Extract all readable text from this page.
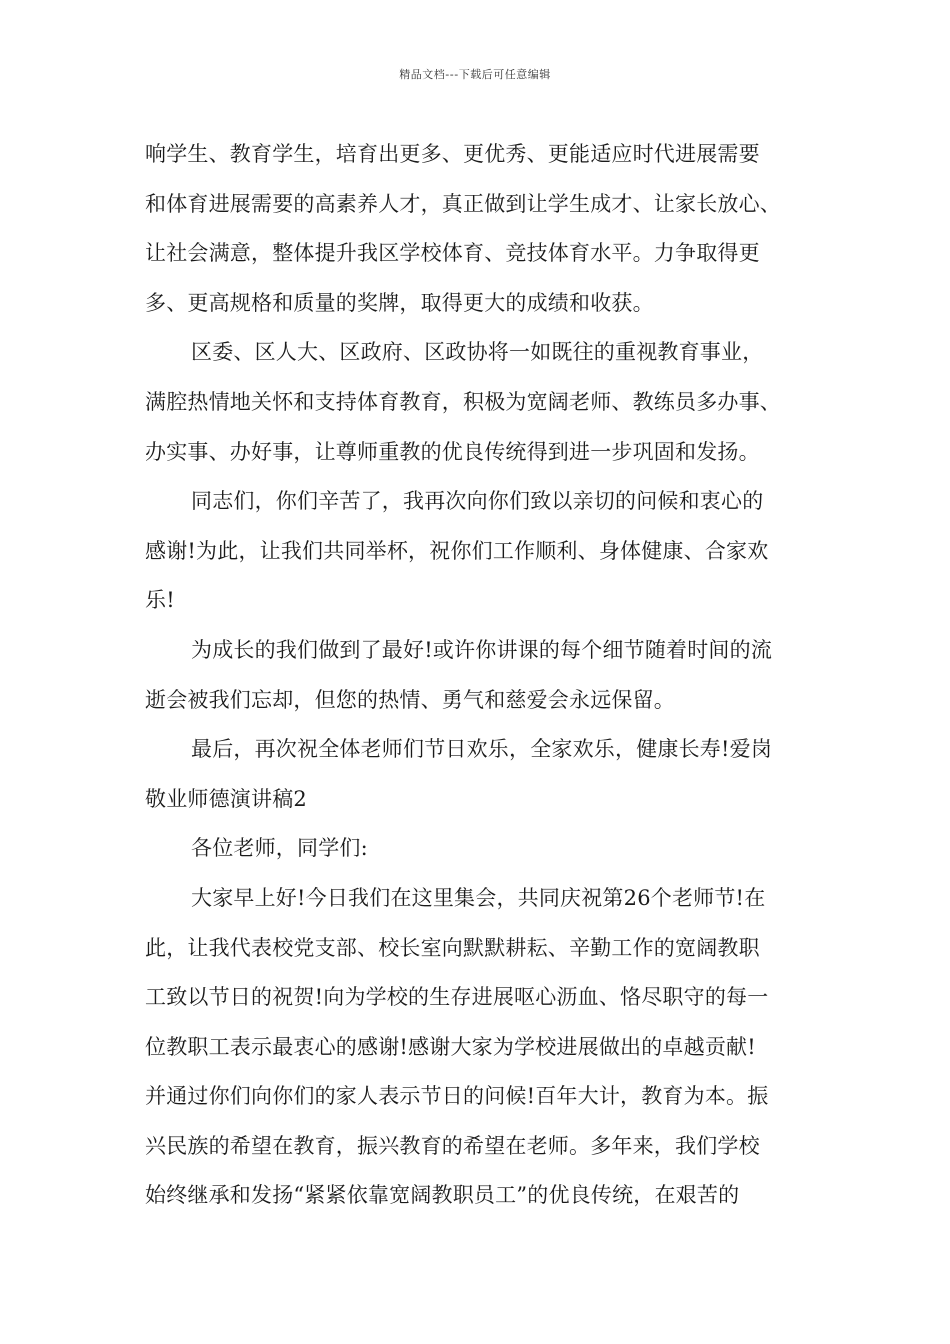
精品文档---下载后可任意编辑
响学生、教育学生，培育出更多、更优秀、更能适应时代进展需要
和体育进展需要的高素养人才，真正做到让学生成才、让家长放心、
让社会满意，整体提升我区学校体育、竞技体育水平。力争取得更
多、更高规格和质量的奖牌，取得更大的成绩和收获。
区委、区人大、区政府、区政协将一如既往的重视教育事业，
满腔热情地关怀和支持体育教育，积极为宽阔老师、教练员多办事、
办实事、办好事，让尊师重教的优良传统得到进一步巩固和发扬。
同志们，你们辛苦了，我再次向你们致以亲切的问候和衷心的
感谢!为此，让我们共同举杯，祝你们工作顺利、身体健康、合家欢
乐!
为成长的我们做到了最好!或许你讲课的每个细节随着时间的流
逝会被我们忘却，但您的热情、勇气和慈爱会永远保留。
最后，再次祝全体老师们节日欢乐，全家欢乐，健康长寿!爱岗
敬业师德演讲稿2
各位老师，同学们:
大家早上好!今日我们在这里集会，共同庆祝第26个老师节!在
此，让我代表校党支部、校长室向默默耕耘、辛勤工作的宽阔教职
工致以节日的祝贺!向为学校的生存进展呕心沥血、恪尽职守的每一
位教职工表示最衷心的感谢!感谢大家为学校进展做出的卓越贡献!
并通过你们向你们的家人表示节日的问候!百年大计，教育为本。振
兴民族的希望在教育，振兴教育的希望在老师。多年来，我们学校
始终继承和发扬“紧紧依靠宽阔教职员工”的优良传统，在艰苦的
